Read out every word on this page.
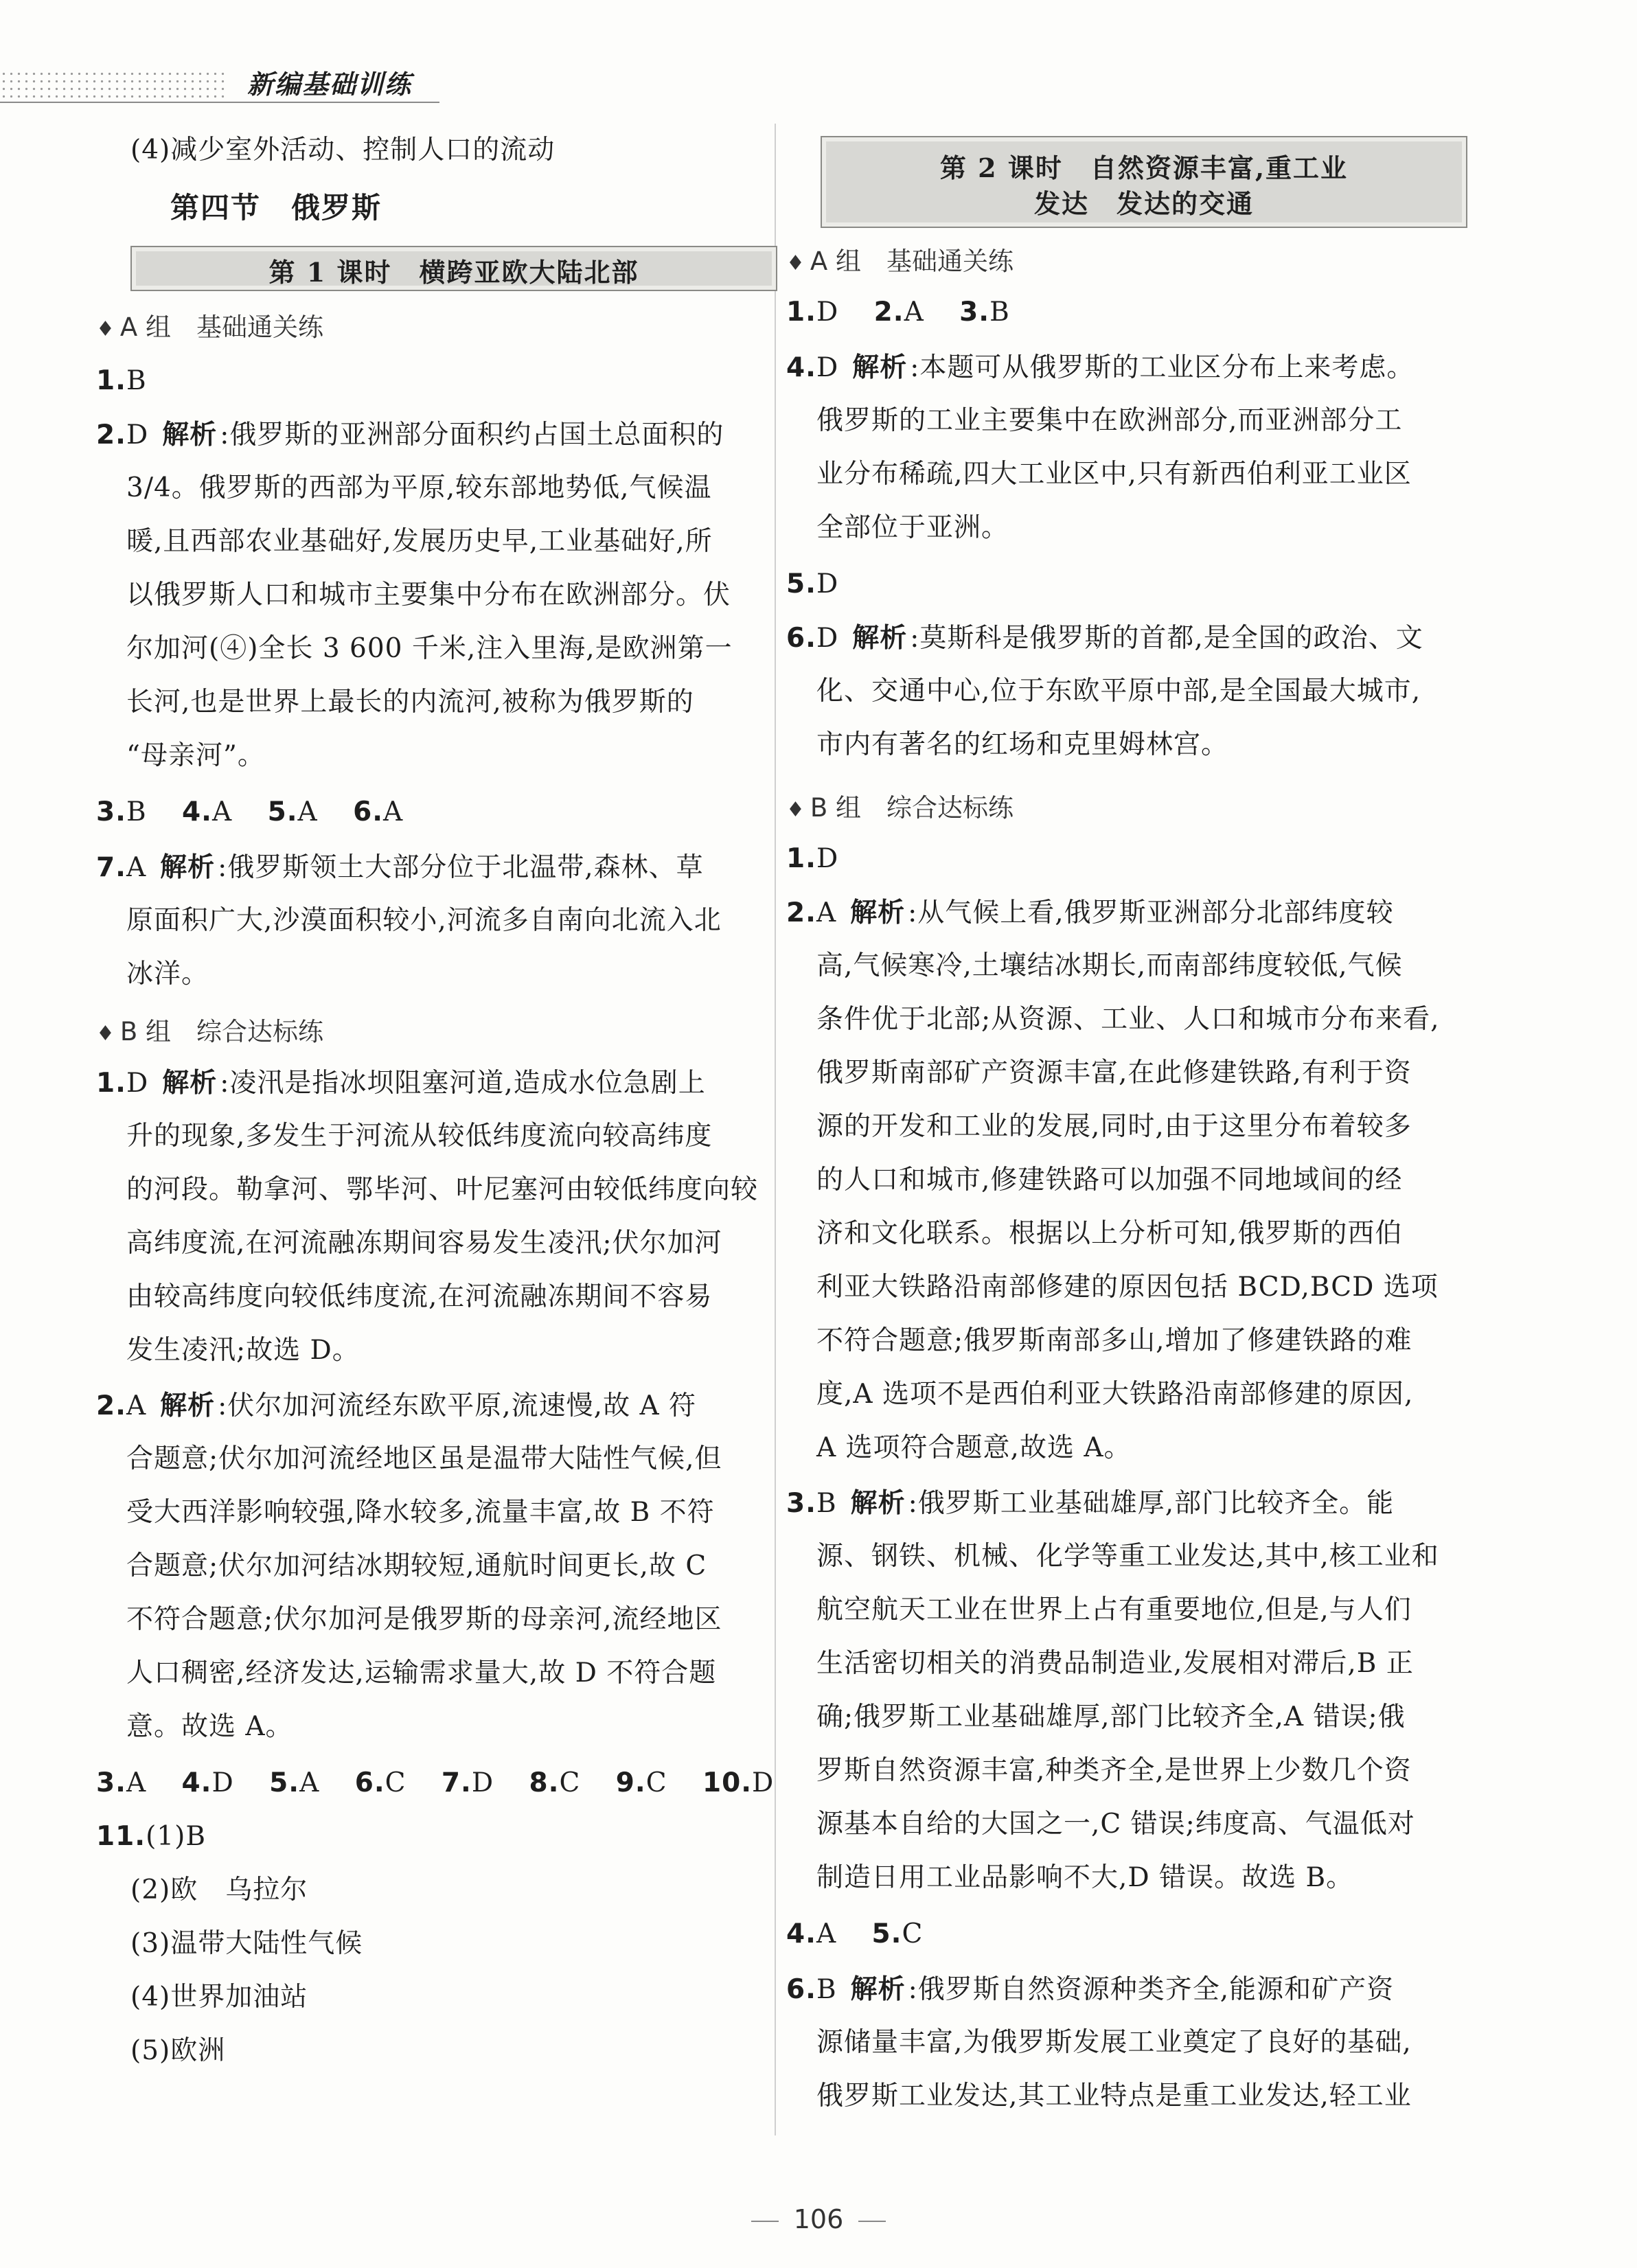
新编基础训练
(4)减少室外活动、控制人口的流动
第四节　俄罗斯
第 1 课时　横跨亚欧大陆北部
♦ A 组　基础通关练
1.B
2.D 解析 :俄罗斯的亚洲部分面积约占国土总面积的
3/4。俄罗斯的西部为平原,较东部地势低,气候温
暖,且西部农业基础好,发展历史早,工业基础好,所
以俄罗斯人口和城市主要集中分布在欧洲部分。伏
尔加河(④)全长 3 600 千米,注入里海,是欧洲第一
长河,也是世界上最长的内流河,被称为俄罗斯的
“母亲河”。
3.B 4.A 5.A 6.A
7.A 解析 :俄罗斯领土大部分位于北温带,森林、草
原面积广大,沙漠面积较小,河流多自南向北流入北
冰洋。
♦ B 组　综合达标练
1.D 解析 :凌汛是指冰坝阻塞河道,造成水位急剧上
升的现象,多发生于河流从较低纬度流向较高纬度
的河段。勒拿河、鄂毕河、叶尼塞河由较低纬度向较
高纬度流,在河流融冻期间容易发生凌汛;伏尔加河
由较高纬度向较低纬度流,在河流融冻期间不容易
发生凌汛;故选 D。
2.A 解析 :伏尔加河流经东欧平原,流速慢,故 A 符
合题意;伏尔加河流经地区虽是温带大陆性气候,但
受大西洋影响较强,降水较多,流量丰富,故 B 不符
合题意;伏尔加河结冰期较短,通航时间更长,故 C
不符合题意;伏尔加河是俄罗斯的母亲河,流经地区
人口稠密,经济发达,运输需求量大,故 D 不符合题
意。故选 A。
3.A 4.D 5.A 6.C 7.D 8.C 9.C 10.D
11.(1)B
(2)欧　乌拉尔
(3)温带大陆性气候
(4)世界加油站
(5)欧洲
第 2 课时　自然资源丰富,重工业
发达　发达的交通
♦ A 组　基础通关练
1.D 2.A 3.B
4.D 解析 :本题可从俄罗斯的工业区分布上来考虑。
俄罗斯的工业主要集中在欧洲部分,而亚洲部分工
业分布稀疏,四大工业区中,只有新西伯利亚工业区
全部位于亚洲。
5.D
6.D 解析 :莫斯科是俄罗斯的首都,是全国的政治、文
化、交通中心,位于东欧平原中部,是全国最大城市,
市内有著名的红场和克里姆林宫。
♦ B 组　综合达标练
1.D
2.A 解析 :从气候上看,俄罗斯亚洲部分北部纬度较
高,气候寒冷,土壤结冰期长,而南部纬度较低,气候
条件优于北部;从资源、工业、人口和城市分布来看,
俄罗斯南部矿产资源丰富,在此修建铁路,有利于资
源的开发和工业的发展,同时,由于这里分布着较多
的人口和城市,修建铁路可以加强不同地域间的经
济和文化联系。根据以上分析可知,俄罗斯的西伯
利亚大铁路沿南部修建的原因包括 BCD,BCD 选项
不符合题意;俄罗斯南部多山,增加了修建铁路的难
度,A 选项不是西伯利亚大铁路沿南部修建的原因,
A 选项符合题意,故选 A。
3.B 解析 :俄罗斯工业基础雄厚,部门比较齐全。能
源、钢铁、机械、化学等重工业发达,其中,核工业和
航空航天工业在世界上占有重要地位,但是,与人们
生活密切相关的消费品制造业,发展相对滞后,B 正
确;俄罗斯工业基础雄厚,部门比较齐全,A 错误;俄
罗斯自然资源丰富,种类齐全,是世界上少数几个资
源基本自给的大国之一,C 错误;纬度高、气温低对
制造日用工业品影响不大,D 错误。故选 B。
4.A 5.C
6.B 解析 :俄罗斯自然资源种类齐全,能源和矿产资
源储量丰富,为俄罗斯发展工业奠定了良好的基础,
俄罗斯工业发达,其工业特点是重工业发达,轻工业
106
